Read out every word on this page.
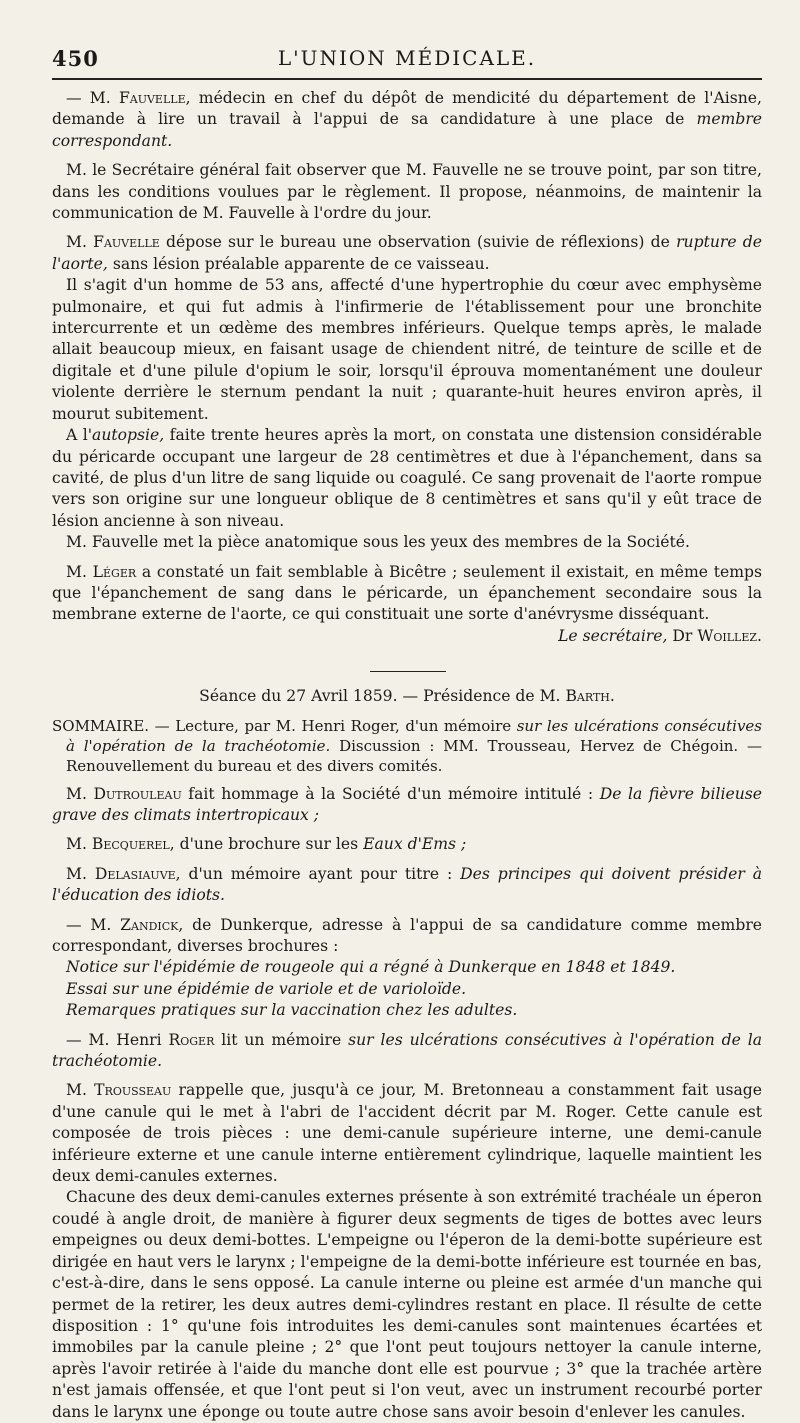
450	L'UNION MÉDICALE.

— M. Fauvelle, médecin en chef du dépôt de mendicité du département de l'Aisne, demande à lire un travail à l'appui de sa candidature à une place de membre correspondant.

M. le Secrétaire général fait observer que M. Fauvelle ne se trouve point, par son titre, dans les conditions voulues par le règlement. Il propose, néanmoins, de maintenir la communication de M. Fauvelle à l'ordre du jour.

M. Fauvelle dépose sur le bureau une observation (suivie de réflexions) de rupture de l'aorte, sans lésion préalable apparente de ce vaisseau.

Il s'agit d'un homme de 53 ans, affecté d'une hypertrophie du cœur avec emphysème pulmonaire, et qui fut admis à l'infirmerie de l'établissement pour une bronchite intercurrente et un œdème des membres inférieurs. Quelque temps après, le malade allait beaucoup mieux, en faisant usage de chiendent nitré, de teinture de scille et de digitale et d'une pilule d'opium le soir, lorsqu'il éprouva momentanément une douleur violente derrière le sternum pendant la nuit ; quarante-huit heures environ après, il mourut subitement.

A l'autopsie, faite trente heures après la mort, on constata une distension considérable du péricarde occupant une largeur de 28 centimètres et due à l'épanchement, dans sa cavité, de plus d'un litre de sang liquide ou coagulé. Ce sang provenait de l'aorte rompue vers son origine sur une longueur oblique de 8 centimètres et sans qu'il y eût trace de lésion ancienne à son niveau.

M. Fauvelle met la pièce anatomique sous les yeux des membres de la Société.

M. Léger a constaté un fait semblable à Bicêtre ; seulement il existait, en même temps que l'épanchement de sang dans le péricarde, un épanchement secondaire sous la membrane externe de l'aorte, ce qui constituait une sorte d'anévrysme disséquant.

Le secrétaire, Dr Woillez.

Séance du 27 Avril 1859. — Présidence de M. Barth.

SOMMAIRE. — Lecture, par M. Henri Roger, d'un mémoire sur les ulcérations consécutives à l'opération de la trachéotomie. Discussion : MM. Trousseau, Hervez de Chégoin. — Renouvellement du bureau et des divers comités.

M. Dutrouleau fait hommage à la Société d'un mémoire intitulé : De la fièvre bilieuse grave des climats intertropicaux ;

M. Becquerel, d'une brochure sur les Eaux d'Ems ;

M. Delasiauve, d'un mémoire ayant pour titre : Des principes qui doivent présider à l'éducation des idiots.

— M. Zandick, de Dunkerque, adresse à l'appui de sa candidature comme membre correspondant, diverses brochures :

Notice sur l'épidémie de rougeole qui a régné à Dunkerque en 1848 et 1849.

Essai sur une épidémie de variole et de varioloïde.

Remarques pratiques sur la vaccination chez les adultes.

— M. Henri Roger lit un mémoire sur les ulcérations consécutives à l'opération de la trachéotomie.

M. Trousseau rappelle que, jusqu'à ce jour, M. Bretonneau a constamment fait usage d'une canule qui le met à l'abri de l'accident décrit par M. Roger. Cette canule est composée de trois pièces : une demi-canule supérieure interne, une demi-canule inférieure externe et une canule interne entièrement cylindrique, laquelle maintient les deux demi-canules externes.

Chacune des deux demi-canules externes présente à son extrémité trachéale un éperon coudé à angle droit, de manière à figurer deux segments de tiges de bottes avec leurs empeignes ou deux demi-bottes. L'empeigne ou l'éperon de la demi-botte supérieure est dirigée en haut vers le larynx ; l'empeigne de la demi-botte inférieure est tournée en bas, c'est-à-dire, dans le sens opposé. La canule interne ou pleine est armée d'un manche qui permet de la retirer, les deux autres demi-cylindres restant en place. Il résulte de cette disposition : 1° qu'une fois introduites les demi-canules sont maintenues écartées et immobiles par la canule pleine ; 2° que l'ont peut toujours nettoyer la canule interne, après l'avoir retirée à l'aide du manche dont elle est pourvue ; 3° que la trachée artère n'est jamais offensée, et que l'ont peut si l'on veut, avec un instrument recourbé porter dans le larynx une éponge ou toute autre chose sans avoir besoin d'enlever les canules.
